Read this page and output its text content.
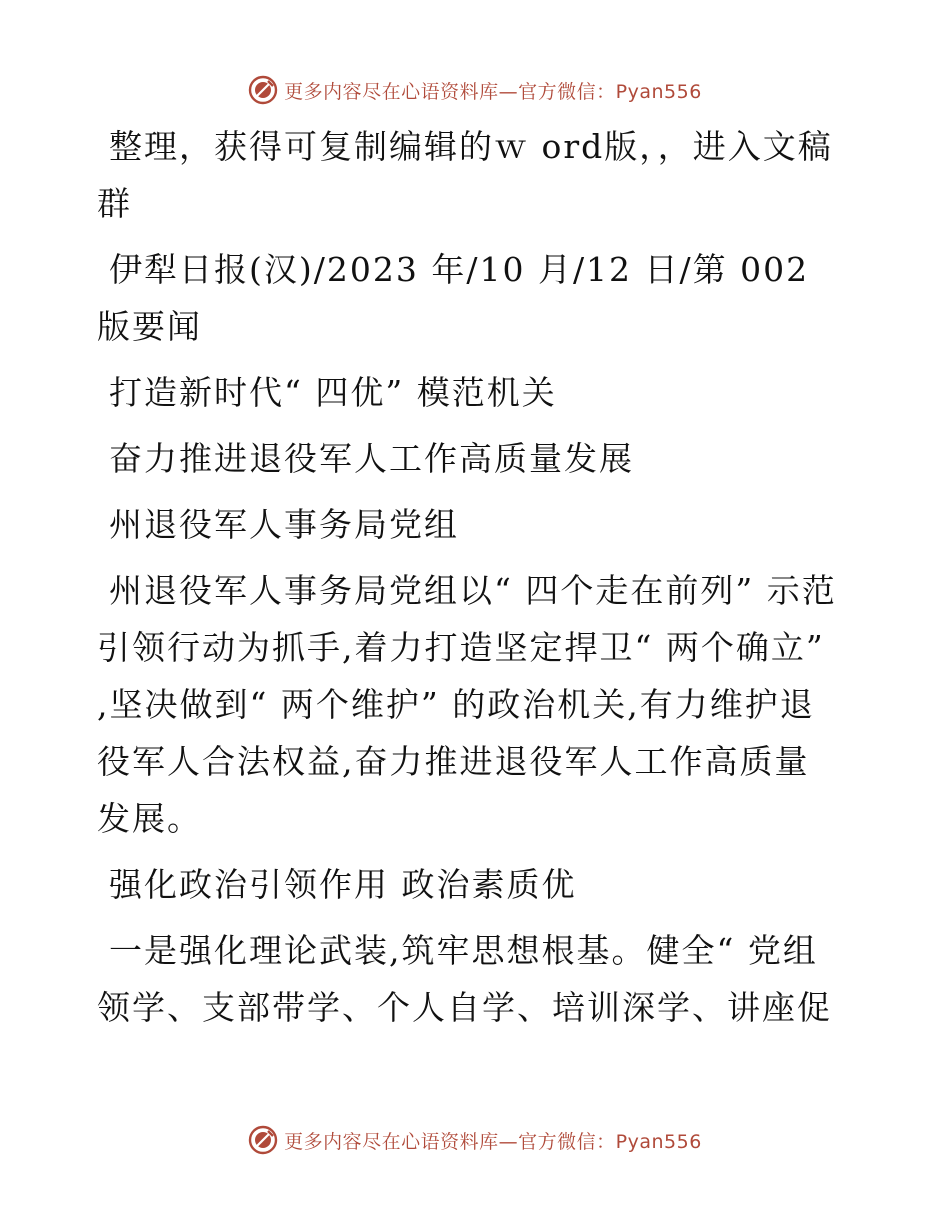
更多内容尽在心语资料库—官方微信：Pyan556

整理，获得可复制编辑的ｗ ord版，，进入文稿群

伊犁日报(汉)/2023 年/10 月/12 日/第 002 版要闻

打造新时代“ 四优” 模范机关

奋力推进退役军人工作高质量发展

州退役军人事务局党组

州退役军人事务局党组以“ 四个走在前列” 示范引领行动为抓手,着力打造坚定捍卫“ 两个确立” ,坚决做到“ 两个维护” 的政治机关,有力维护退役军人合法权益,奋力推进退役军人工作高质量发展。

强化政治引领作用 政治素质优

一是强化理论武装,筑牢思想根基。健全“ 党组领学、支部带学、个人自学、培训深学、讲座促

更多内容尽在心语资料库—官方微信：Pyan556
